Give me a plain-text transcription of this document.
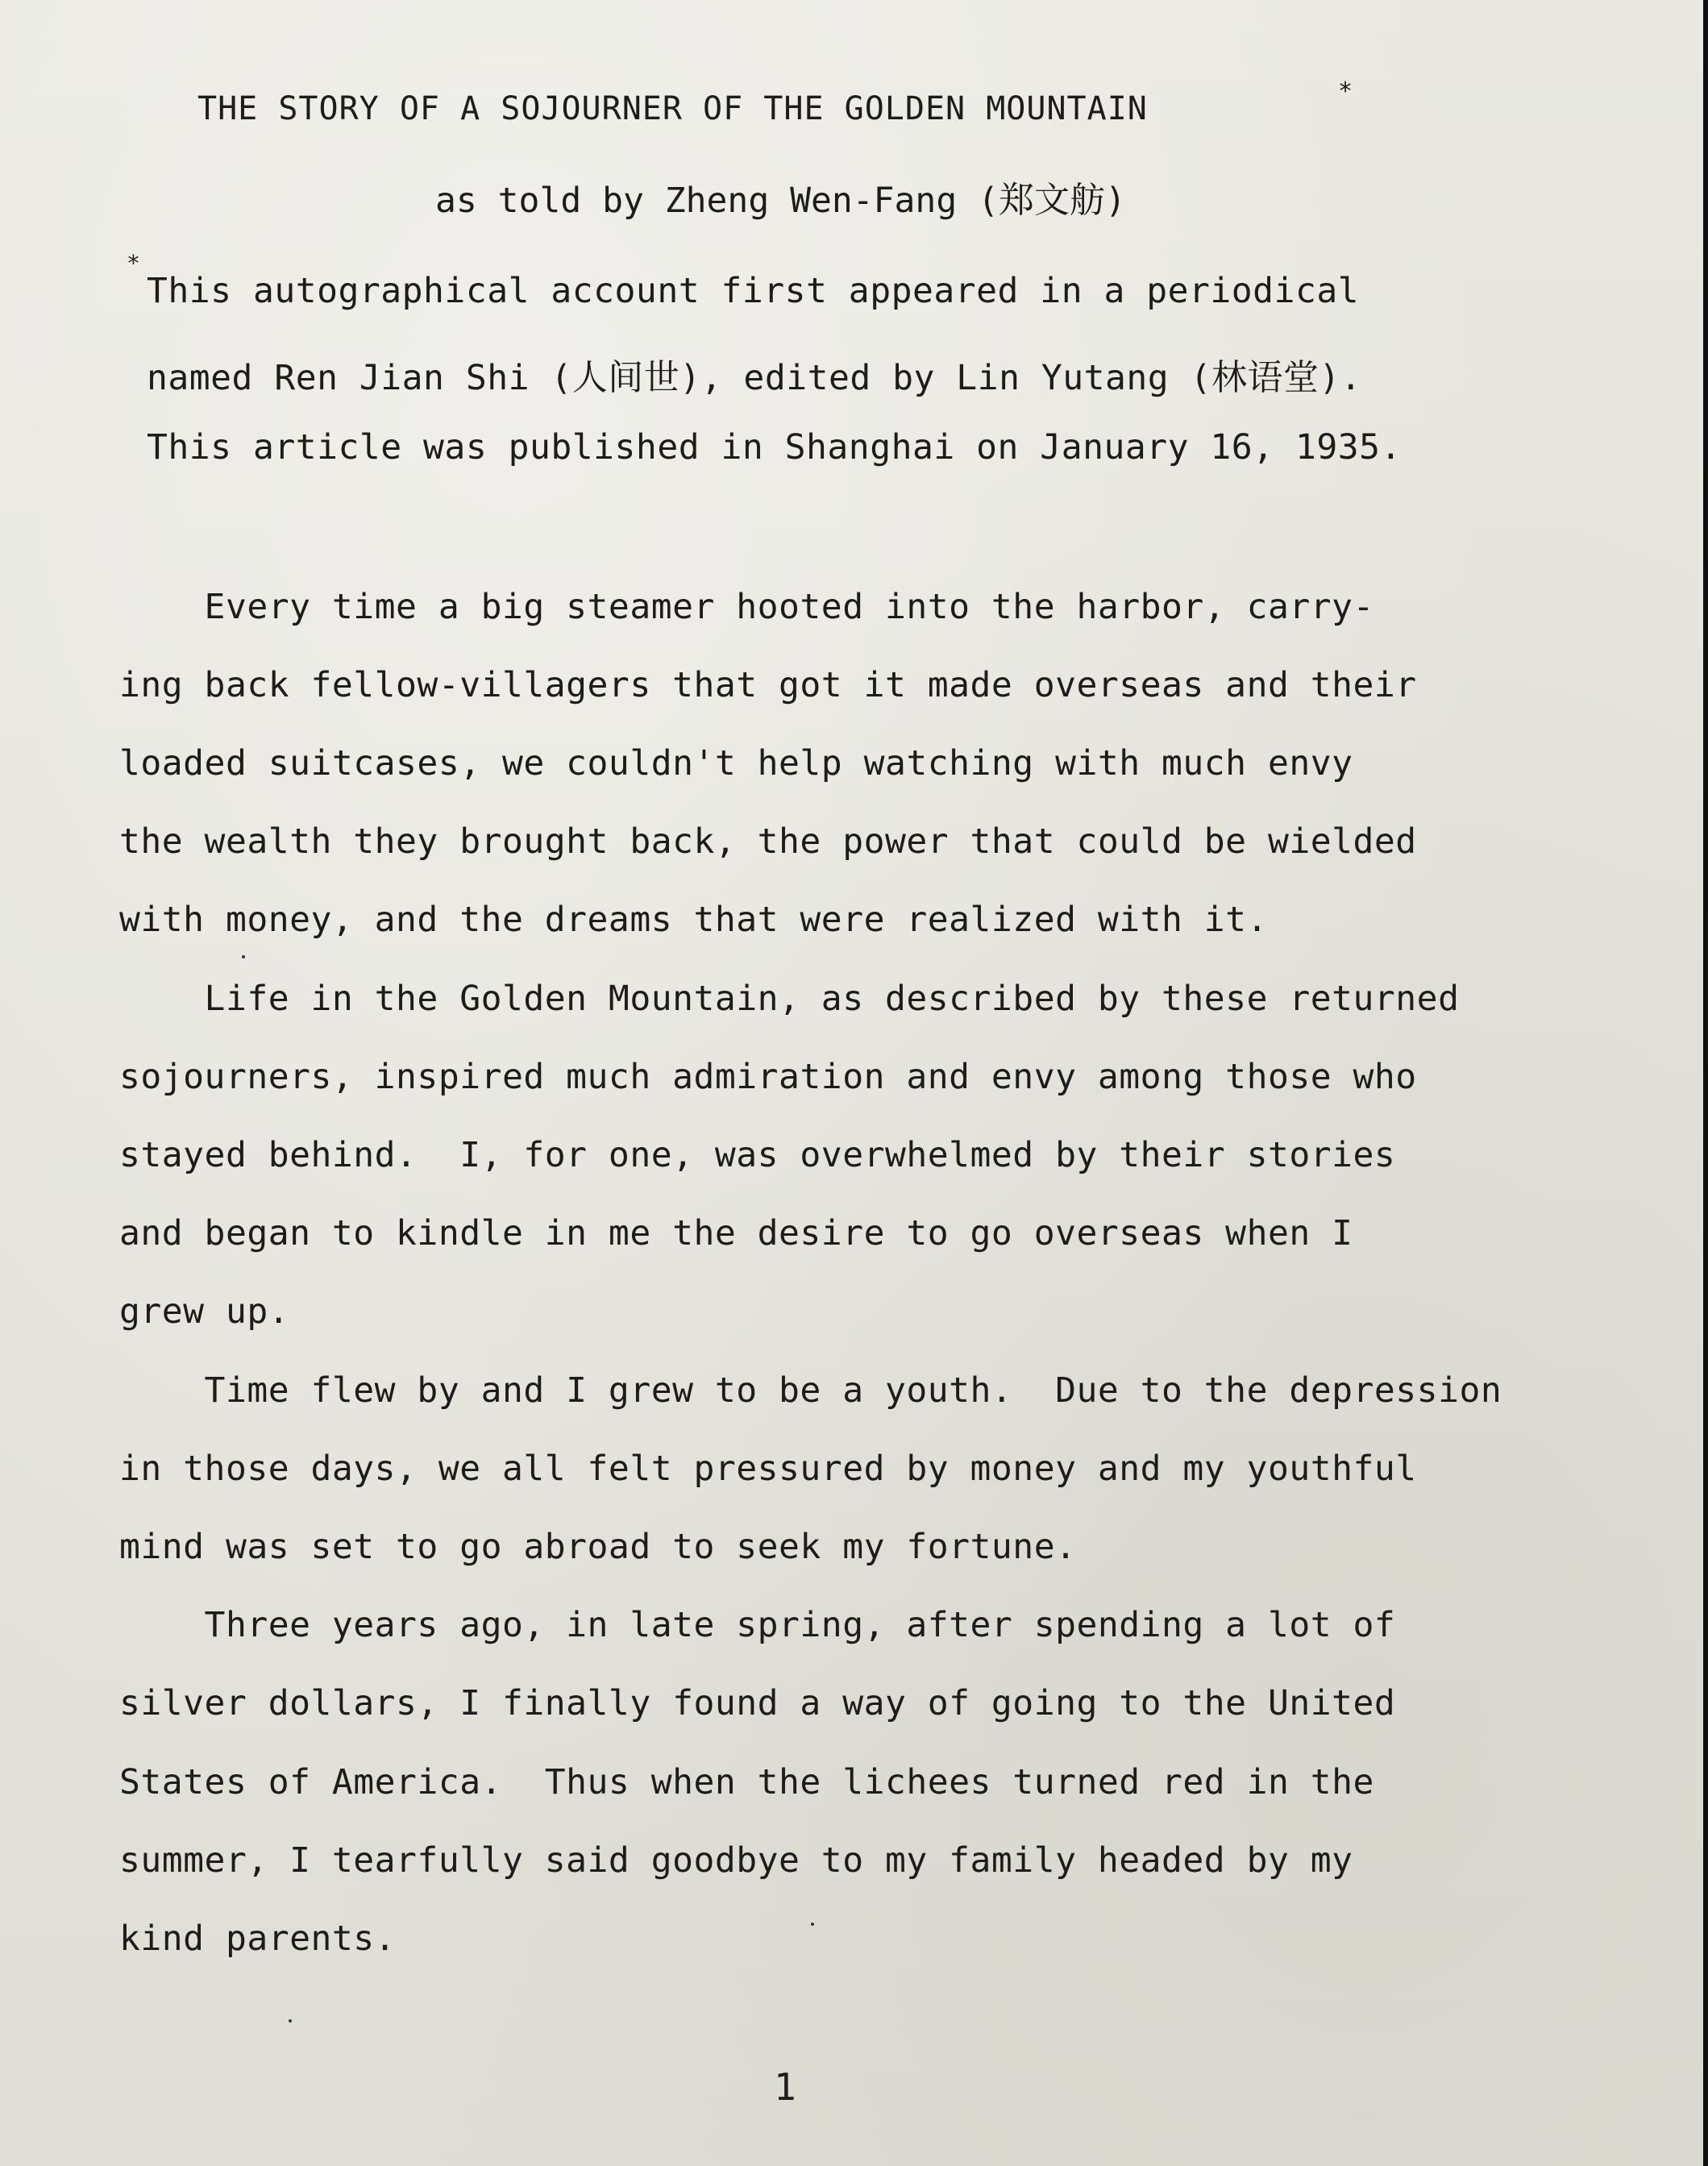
THE STORY OF A SOJOURNER OF THE GOLDEN MOUNTAIN	*
as told by Zheng Wen-Fang (郑文舫)
*
This autographical account first appeared in a periodical
named Ren Jian Shi (人间世), edited by Lin Yutang (林语堂).
This article was published in Shanghai on January 16, 1935.
Every time a big steamer hooted into the harbor, carry-
ing back fellow-villagers that got it made overseas and their
loaded suitcases, we couldn't help watching with much envy
the wealth they brought back, the power that could be wielded
with money, and the dreams that were realized with it.
Life in the Golden Mountain, as described by these returned
sojourners, inspired much admiration and envy among those who
stayed behind.  I, for one, was overwhelmed by their stories
and began to kindle in me the desire to go overseas when I
grew up.
Time flew by and I grew to be a youth.  Due to the depression
in those days, we all felt pressured by money and my youthful
mind was set to go abroad to seek my fortune.
Three years ago, in late spring, after spending a lot of
silver dollars, I finally found a way of going to the United
States of America.  Thus when the lichees turned red in the
summer, I tearfully said goodbye to my family headed by my
kind parents.
1
